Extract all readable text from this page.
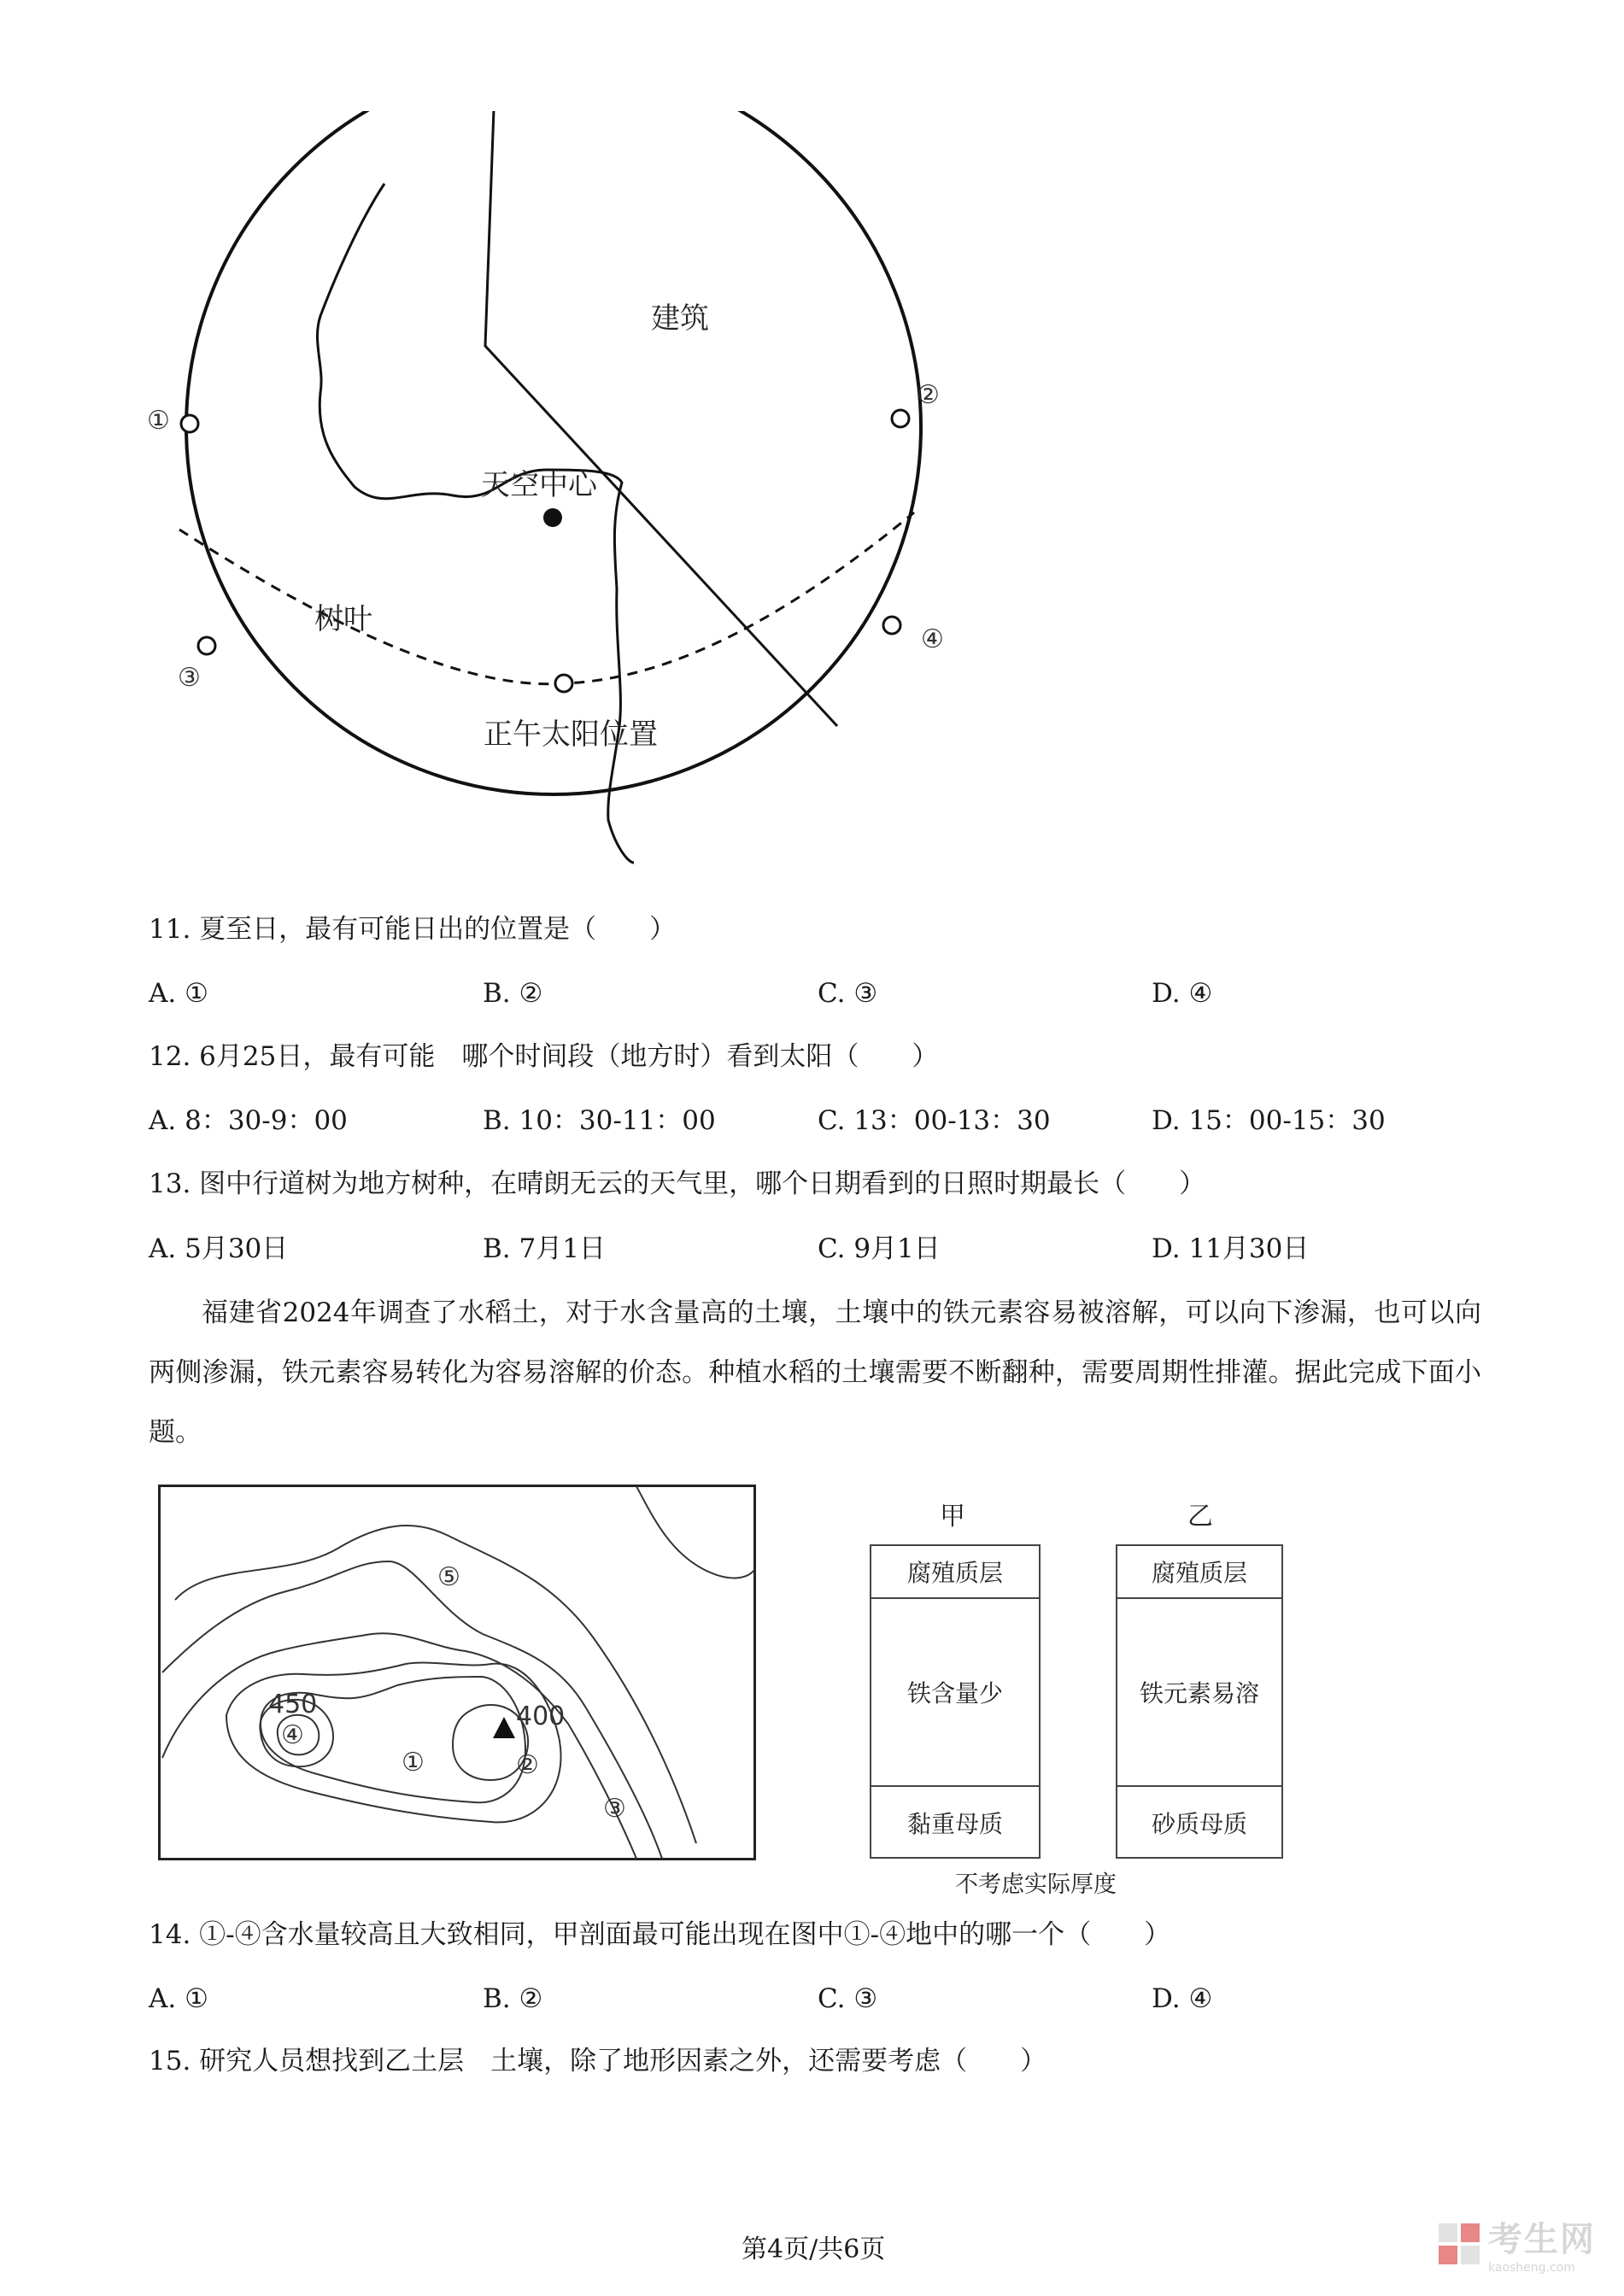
建筑
天空中心
树叶
正午太阳位置
①
②
③
④
11. 夏至日，最有可能日出的位置是（　　）
A. ①	B. ②	C. ③	D. ④
12. 6月25日，最有可能　哪个时间段（地方时）看到太阳（　　）
A. 8：30-9：00	B. 10：30-11：00	C. 13：00-13：30	D. 15：00-15：30
13. 图中行道树为地方树种，在晴朗无云的天气里，哪个日期看到的日照时期最长（　　）
A. 5月30日	B. 7月1日	C. 9月1日	D. 11月30日
福建省2024年调查了水稻土，对于水含量高的土壤，土壤中的铁元素容易被溶解，可以向下渗漏，也可以向两侧渗漏，铁元素容易转化为容易溶解的价态。种植水稻的土壤需要不断翻种，需要周期性排灌。据此完成下面小题。
450	400
①	②
③
④
⑤
甲
腐殖质层
铁含量少
黏重母质
乙
腐殖质层
铁元素易溶
砂质母质
不考虑实际厚度
14. ①-④含水量较高且大致相同，甲剖面最可能出现在图中①-④地中的哪一个（　　）
A. ①	B. ②	C. ③	D. ④
15. 研究人员想找到乙土层　土壤，除了地形因素之外，还需要考虑（　　）
第4页/共6页	考生网
kaosheng.com
